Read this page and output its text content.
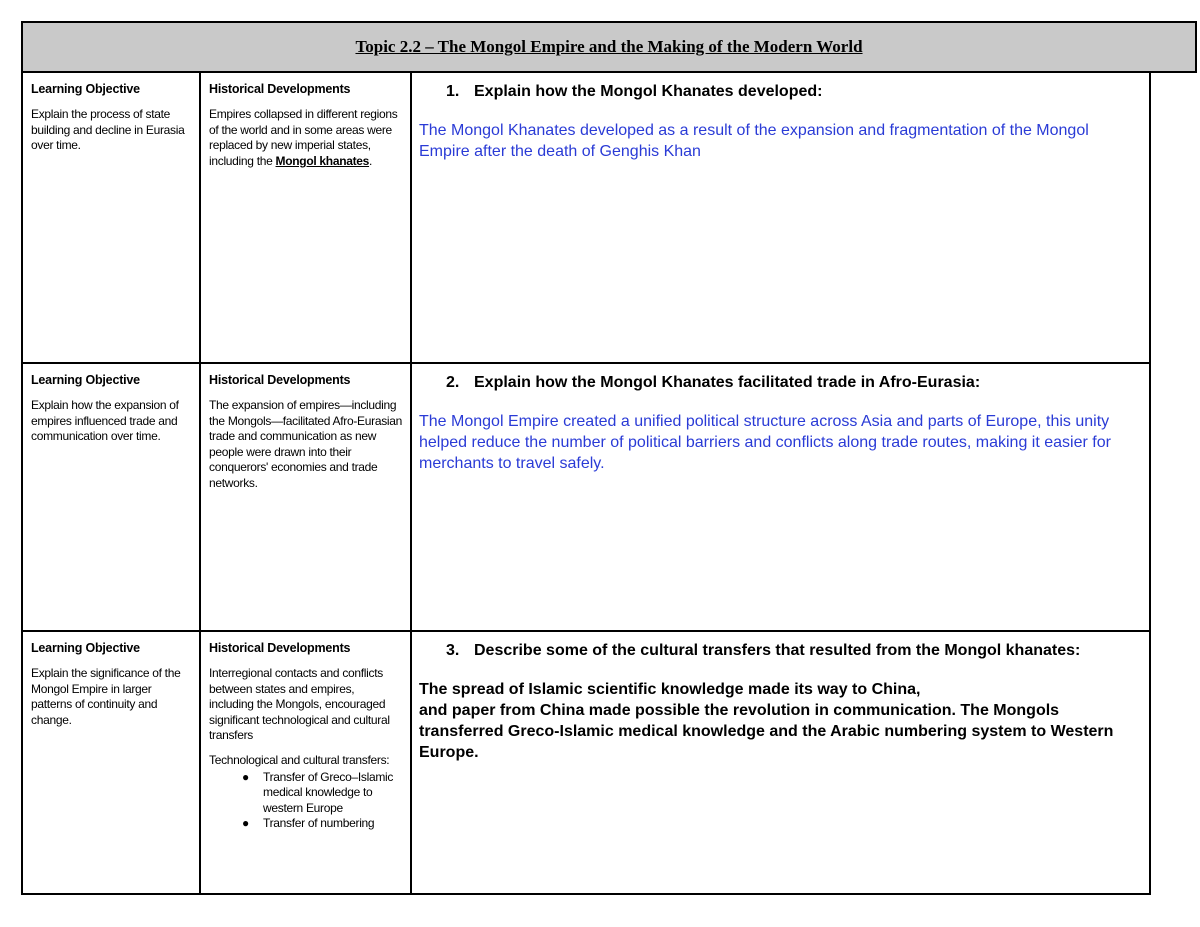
Topic 2.2 – The Mongol Empire and the Making of the Modern World
Learning Objective
Explain the process of state building and decline in Eurasia over time.
Historical Developments
Empires collapsed in different regions of the world and in some areas were replaced by new imperial states, including the Mongol khanates.
1. Explain how the Mongol Khanates developed:
The Mongol Khanates developed as a result of the expansion and fragmentation of the Mongol Empire after the death of Genghis Khan
Learning Objective
Explain how the expansion of empires influenced trade and communication over time.
Historical Developments
The expansion of empires—including the Mongols—facilitated Afro-Eurasian trade and communication as new people were drawn into their conquerors' economies and trade networks.
2. Explain how the Mongol Khanates facilitated trade in Afro-Eurasia:
The Mongol Empire created a unified political structure across Asia and parts of Europe, this unity helped reduce the number of political barriers and conflicts along trade routes, making it easier for merchants to travel safely.
Learning Objective
Explain the significance of the Mongol Empire in larger patterns of continuity and change.
Historical Developments
Interregional contacts and conflicts between states and empires, including the Mongols, encouraged significant technological and cultural transfers
Technological and cultural transfers:
●	Transfer of Greco–Islamic medical knowledge to western Europe
●	Transfer of numbering
3. Describe some of the cultural transfers that resulted from the Mongol khanates:
The spread of Islamic scientific knowledge made its way to China,
and paper from China made possible the revolution in communication. The Mongols transferred Greco-Islamic medical knowledge and the Arabic numbering system to Western Europe.
